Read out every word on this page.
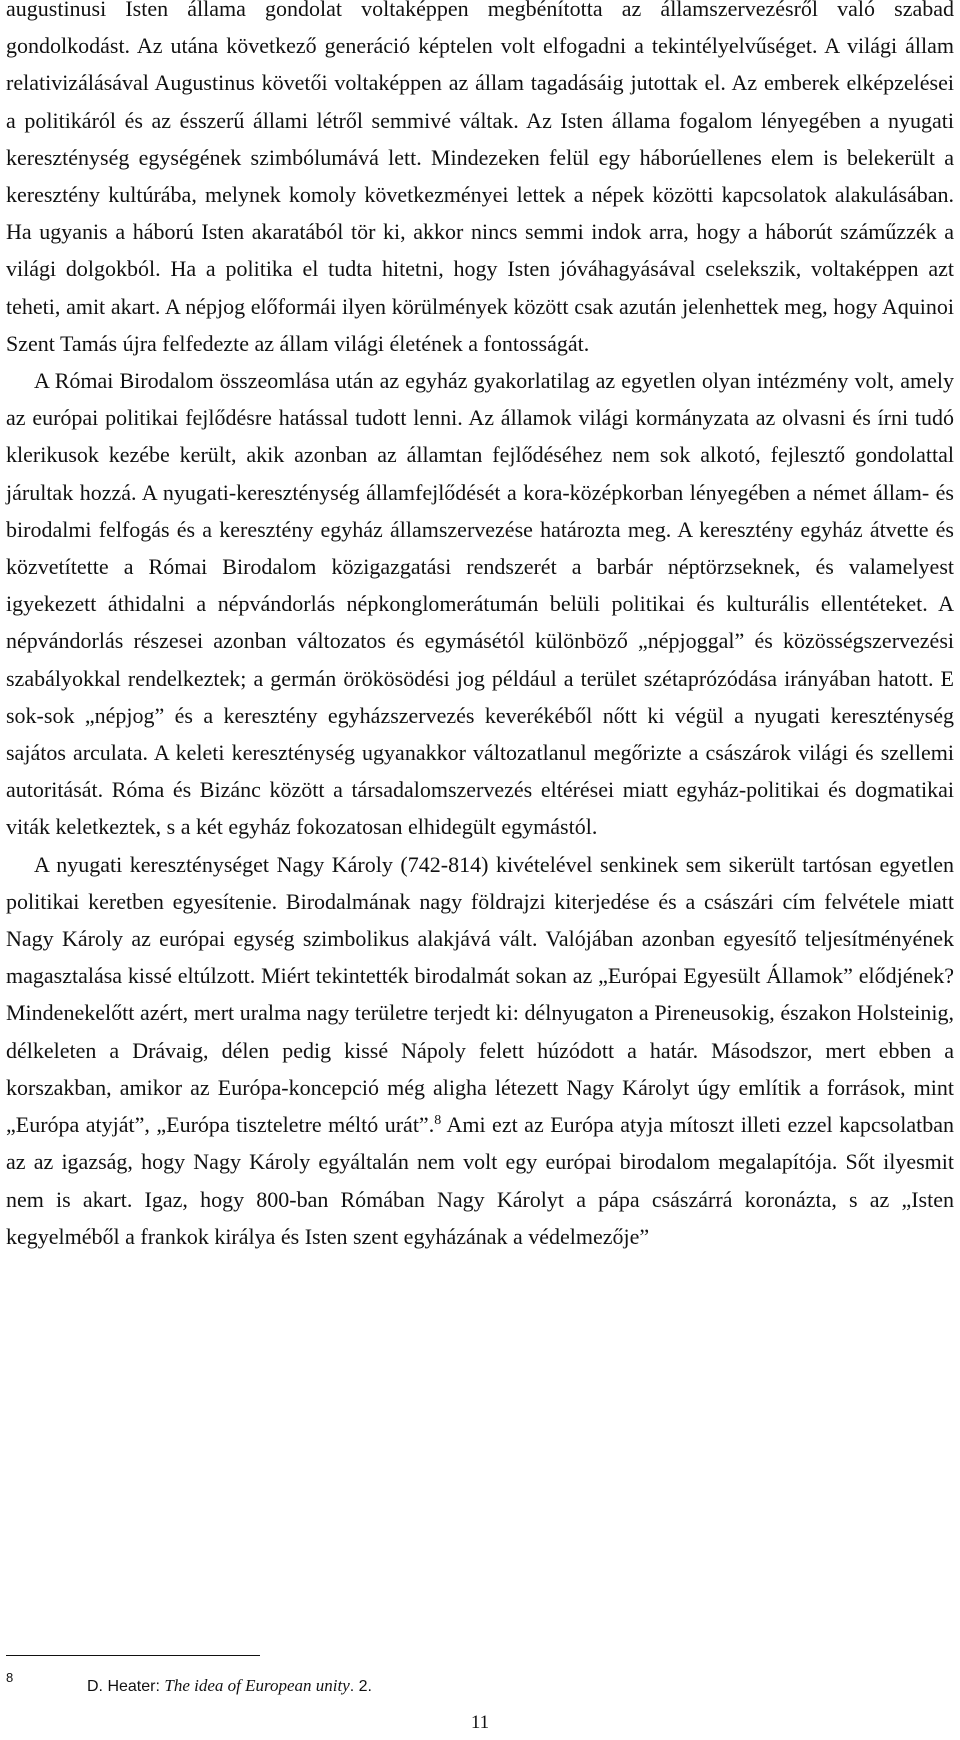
augustinusi Isten állama gondolat voltaképpen megbénította az államszervezésről való szabad gondolkodást. Az utána következő generáció képtelen volt elfogadni a tekintélyelvűséget. A világi állam relativizálásával Augustinus követői voltaképpen az állam tagadásáig jutottak el. Az emberek elképzelései a politikáról és az ésszerű állami létről semmivé váltak. Az Isten állama fogalom lényegében a nyugati kereszténység egységének szimbólumává lett. Mindezeken felül egy háborúellenes elem is belekerült a keresztény kultúrába, melynek komoly következményei lettek a népek közötti kapcsolatok alakulásában. Ha ugyanis a háború Isten akaratából tör ki, akkor nincs semmi indok arra, hogy a háborút száműzzék a világi dolgokból. Ha a politika el tudta hitetni, hogy Isten jóváhagyásával cselekszik, voltaképpen azt teheti, amit akart. A népjog előformái ilyen körülmények között csak azután jelenhettek meg, hogy Aquinoi Szent Tamás újra felfedezte az állam világi életének a fontosságát.

A Római Birodalom összeomlása után az egyház gyakorlatilag az egyetlen olyan intézmény volt, amely az európai politikai fejlődésre hatással tudott lenni. Az államok világi kormányzata az olvasni és írni tudó klerikusok kezébe került, akik azonban az államtan fejlődéséhez nem sok alkotó, fejlesztő gondolattal járultak hozzá. A nyugati-kereszténység államfejlődését a kora-középkorban lényegében a német állam- és birodalmi felfogás és a keresztény egyház államszervezése határozta meg. A keresztény egyház átvette és közvetítette a Római Birodalom közigazgatási rendszerét a barbár néptörzseknek, és valamelyest igyekezett áthidalni a népvándorlás népkonglomerátumán belüli politikai és kulturális ellentéteket. A népvándorlás részesei azonban változatos és egymásétól különböző „népjoggal” és közösségszervezési szabályokkal rendelkeztek; a germán örökösödési jog például a terület szétaprózódása irányában hatott. E sok-sok „népjog” és a keresztény egyházszervezés keverékéből nőtt ki végül a nyugati kereszténység sajátos arculata. A keleti kereszténység ugyanakkor változatlanul megőrizte a császárok világi és szellemi autoritását. Róma és Bizánc között a társadalomszervezés eltérései miatt egyház-politikai és dogmatikai viták keletkeztek, s a két egyház fokozatosan elhidegült egymástól.

A nyugati kereszténységet Nagy Károly (742-814) kivételével senkinek sem sikerült tartósan egyetlen politikai keretben egyesítenie. Birodalmának nagy földrajzi kiterjedése és a császári cím felvétele miatt Nagy Károly az európai egység szimbolikus alakjává vált. Valójában azonban egyesítő teljesítményének magasztalása kissé eltúlzott. Miért tekintették birodalmát sokan az „Európai Egyesült Államok” elődjének? Mindenekelőtt azért, mert uralma nagy területre terjedt ki: délnyugaton a Pireneusokig, északon Holsteinig, délkeleten a Drávaig, délen pedig kissé Nápoly felett húzódott a határ. Másodszor, mert ebben a korszakban, amikor az Európa-koncepció még aligha létezett Nagy Károlyt úgy említik a források, mint „Európa atyját”, „Európa tiszteletre méltó urát”.$^8$ Ami ezt az Európa atyja mítoszt illeti ezzel kapcsolatban az az igazság, hogy Nagy Károly egyáltalán nem volt egy európai birodalom megalapítója. Sőt ilyesmit nem is akart. Igaz, hogy 800-ban Rómában Nagy Károlyt a pápa császárrá koronázta, s az „Isten kegyelméből a frankok királya és Isten szent egyházának a védelmezője”

8
D. Heater: The idea of European unity. 2.
11
